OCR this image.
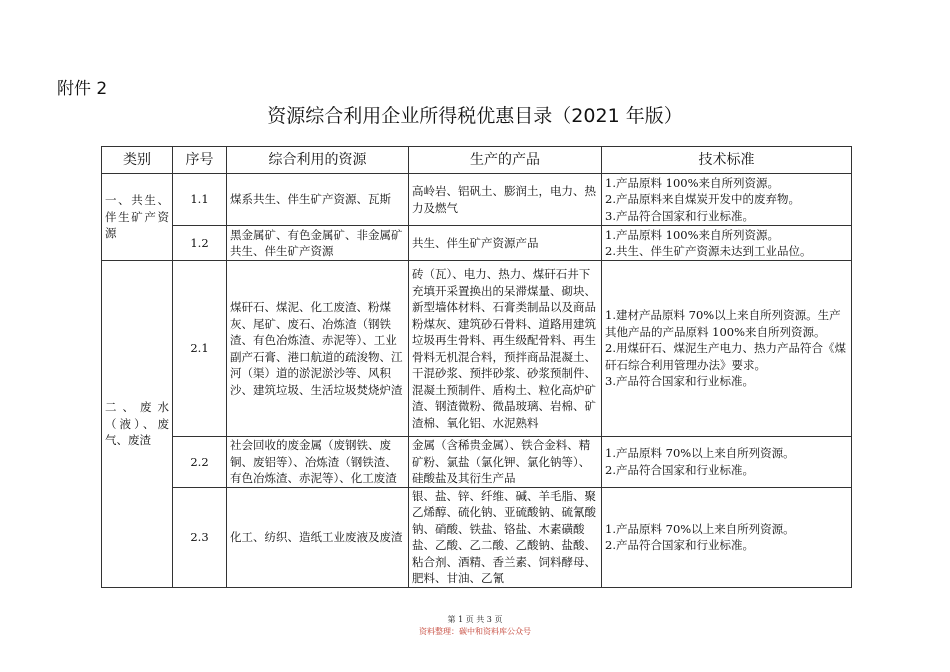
附件 2
资源综合利用企业所得税优惠目录（2021 年版）
类别	序号	综合利用的资源	生产的产品	技术标准
一、共生、伴生矿产资源	1.1	煤系共生、伴生矿产资源、瓦斯	高岭岩、铝矾土、膨润土，电力、热力及燃气	1.产品原料 100%来自所列资源。
2.产品原料来自煤炭开发中的废弃物。
3.产品符合国家和行业标准。

	1.2	黑金属矿、有色金属矿、非金属矿共生、伴生矿产资源	共生、伴生矿产资源产品	1.产品原料 100%来自所列资源。
2.共生、伴生矿产资源未达到工业品位。

二、废水（液）、废气、废渣	2.1	煤矸石、煤泥、化工废渣、粉煤灰、尾矿、废石、冶炼渣（钢铁渣、有色冶炼渣、赤泥等）、工业副产石膏、港口航道的疏浚物、江河（渠）道的淤泥淤沙等、风积沙、建筑垃圾、生活垃圾焚烧炉渣	砖（瓦）、电力、热力、煤矸石井下充填开采置换出的呆滞煤量、砌块、新型墙体材料、石膏类制品以及商品粉煤灰、建筑砂石骨料、道路用建筑垃圾再生骨料、再生级配骨料、再生骨料无机混合料，预拌商品混凝土、干混砂浆、预拌砂浆、砂浆预制件、混凝土预制件、盾构土、粒化高炉矿渣、钢渣微粉、微晶玻璃、岩棉、矿渣棉、氧化铝、水泥熟料	1.建材产品原料 70%以上来自所列资源。生产其他产品的产品原料 100%来自所列资源。
2.用煤矸石、煤泥生产电力、热力产品符合《煤矸石综合利用管理办法》要求。
3.产品符合国家和行业标准。

	2.2	社会回收的废金属（废钢铁、废铜、废铝等）、冶炼渣（钢铁渣、有色冶炼渣、赤泥等）、化工废渣	金属（含稀贵金属）、铁合金料、精矿粉、氯盐（氯化钾、氯化钠等）、硅酸盐及其衍生产品	1.产品原料 70%以上来自所列资源。
2.产品符合国家和行业标准。

	2.3	化工、纺织、造纸工业废液及废渣	银、盐、锌、纤维、碱、羊毛脂、聚乙烯醇、硫化钠、亚硫酸钠、硫氰酸钠、硝酸、铁盐、铬盐、木素磺酸盐、乙酸、乙二酸、乙酸钠、盐酸、粘合剂、酒精、香兰素、饲料酵母、肥料、甘油、乙氰	1.产品原料 70%以上来自所列资源。
2.产品符合国家和行业标准。
第 1 页 共 3 页
资料整理：碳中和资料库公众号
